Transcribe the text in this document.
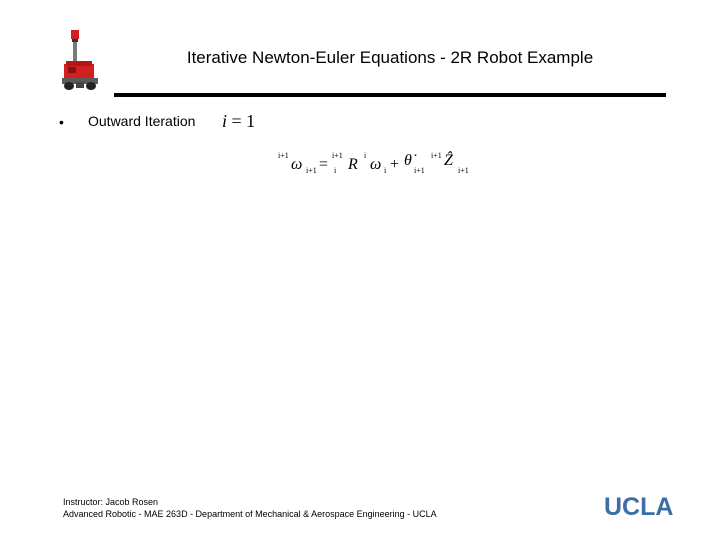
Iterative Newton-Euler Equations - 2R Robot Example
• Outward Iteration i = 1
i+1
ω i+1 =
i+1
i R
i
ω i + θ̇
i+1
i+1 Ẑ
i+1
Instructor: Jacob Rosen
Advanced Robotic - MAE 263D - Department of Mechanical & Aerospace Engineering - UCLA	UCLA
